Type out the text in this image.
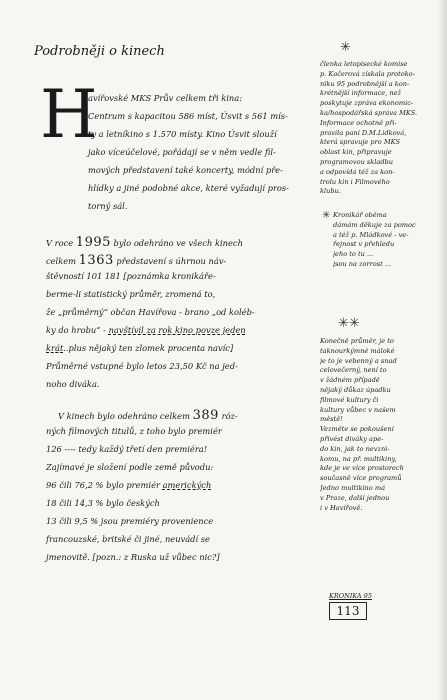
Podrobněji o kinech
H
avířovské MKS Prův celkem tři kina:
Centrum s kapacitou 586 míst, Úsvit s 561 mís-
ty a letníkino s 1.570 místy. Kino Úsvit slouží
jako víceúčelové, pořádají se v něm vedle fil-
mových představení také koncerty, módní pře-
hlídky a jiné podobné akce, které vyžadují pros-
torný sál.
V roce 1995 bylo odehráno ve všech kinech
celkem 1363 představení s úhrnou náv-
štěvností 101 181 [poznámka kronikáře-
berme-li statistický průměr, zromená to,
že „průměrný“ občan Havířova - brano „od koléb-
ky do hrobu“ - navštívil za rok kino povze jeden
krát..plus nějaký ten zlomek procenta navíc]
Průměrné vstupné bylo letos 23,50 Kč na jed-
noho diváka.
V kinech bylo odehráno celkem 389 róz-
ných filmových titulů, z toho bylo premiér
126 ---- tedy každý třetí den premiéra!
Zajímavé je složení podle země původu:
96 čili 76,2 % bylo premiér amerických
18 čili 14,3 % bylo českých
13 čili 9,5 % jsou premiéry provenience
francouzské, britské či jiné, neuvádí se
jmenovitě. [pozn.: z Ruska už vůbec nic?]
✳
členka letopisecké komise
p. Kačerová získala protoko-
niku 95 podrobnější a kon-
krétnější informace, než
poskytuje zpráva ekonomic-
ka/hospodářská správa MKS.
Informace ochotně při-
pravila paní D.M.Lidková,
která spravuje pro MKS
oblast kin, připravuje
programovou skladbu
a odpovídá též za kon-
trolu kin i Filmového
klubu.
✳ Kronikář oběma
dámám děkuje za pomoc
a též p. Mládkové - ve-
řejnost v přehledu
jeho to tu ...
jsou na zorrost ...
✳✳
Konečně průměr, je to
taknourkýmné máloké
je to je vebenný a snad
celovečerný, není to
v žádném případě
nějaký důkaz úpadku
filmové kultury či
kultury vůbec v našem
městě!
Vezměte se pokoušení
přivést diváky ape-
do kin, jak to nevzni-
komu, na př. multikiny,
kde je ve více prostorech
současně více programů
Jedno multikino má
v Praze, další jednou
i v Havířově.
KRONIKA 95
113
